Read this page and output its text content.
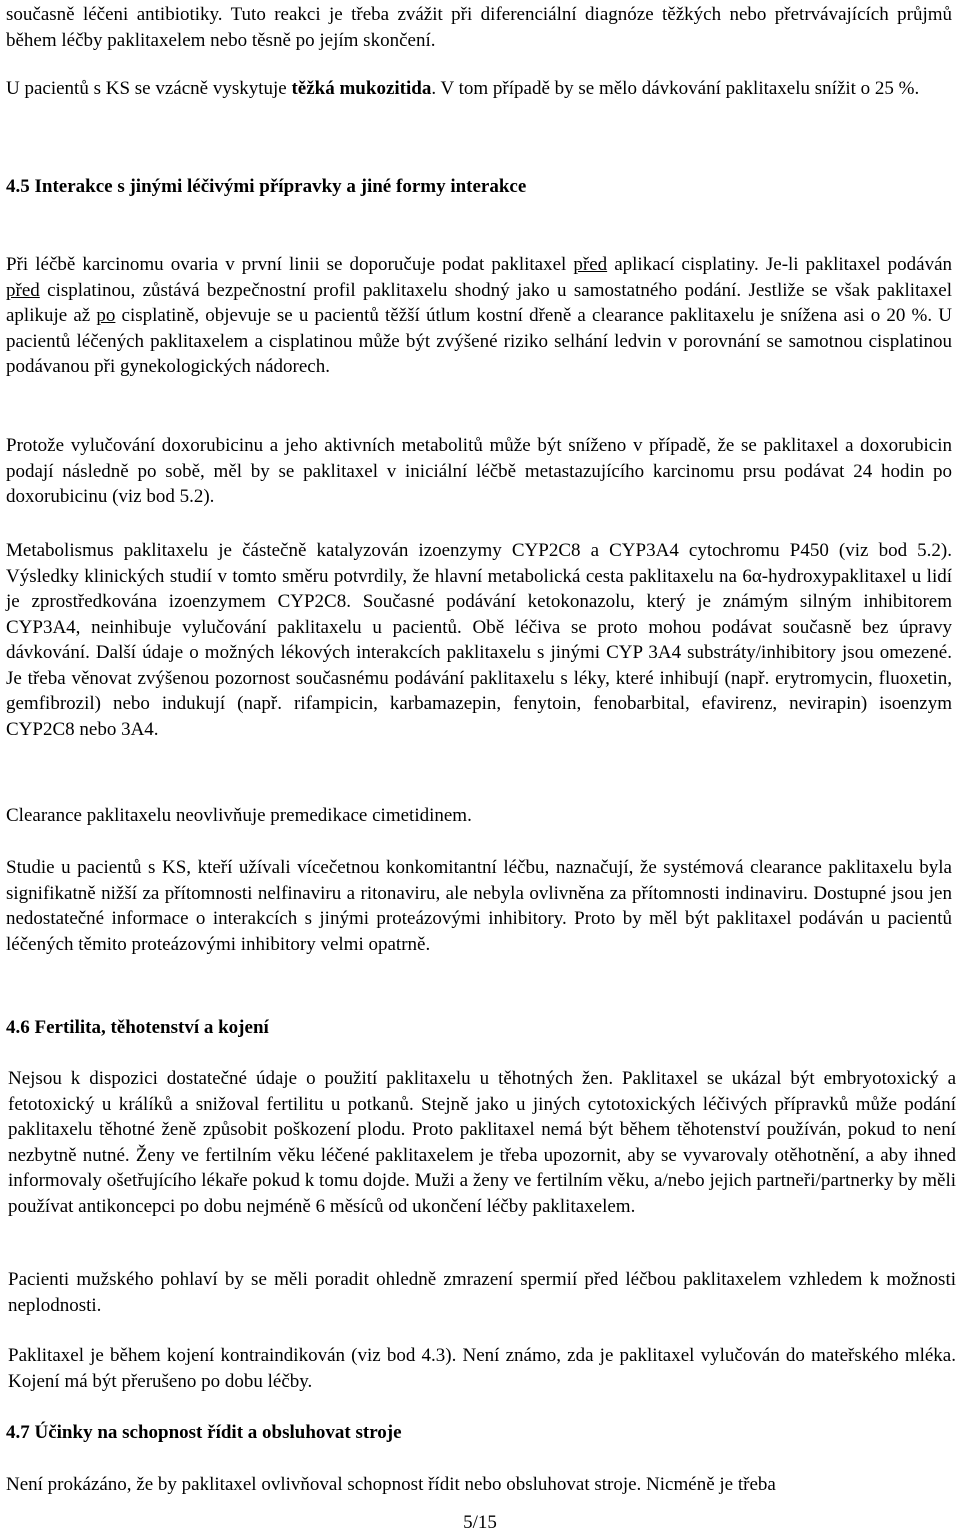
současně léčeni antibiotiky. Tuto reakci je třeba zvážit při diferenciální diagnóze těžkých nebo přetrvávajících průjmů během léčby paklitaxelem nebo těsně po jejím skončení.

U pacientů s KS se vzácně vyskytuje těžká mukozitida. V tom případě by se mělo dávkování paklitaxelu snížit o 25 %.

4.5 Interakce s jinými léčivými přípravky a jiné formy interakce

Při léčbě karcinomu ovaria v první linii se doporučuje podat paklitaxel před aplikací cisplatiny. Je-li paklitaxel podáván před cisplatinou, zůstává bezpečnostní profil paklitaxelu shodný jako u samostatného podání. Jestliže se však paklitaxel aplikuje až po cisplatině, objevuje se u pacientů těžší útlum kostní dřeně a clearance paklitaxelu je snížena asi o 20 %. U pacientů léčených paklitaxelem a cisplatinou může být zvýšené riziko selhání ledvin v porovnání se samotnou cisplatinou podávanou při gynekologických nádorech.

Protože vylučování doxorubicinu a jeho aktivních metabolitů může být sníženo v případě, že se paklitaxel a doxorubicin podají následně po sobě, měl by se paklitaxel v iniciální léčbě metastazujícího karcinomu prsu podávat 24 hodin po doxorubicinu (viz bod 5.2).

Metabolismus paklitaxelu je částečně katalyzován izoenzymy CYP2C8 a CYP3A4 cytochromu P450 (viz bod 5.2). Výsledky klinických studií v tomto směru potvrdily, že hlavní metabolická cesta paklitaxelu na 6α-hydroxypaklitaxel u lidí je zprostředkována izoenzymem CYP2C8. Současné podávání ketokonazolu, který je známým silným inhibitorem CYP3A4, neinhibuje vylučování paklitaxelu u pacientů. Obě léčiva se proto mohou podávat současně bez úpravy dávkování. Další údaje o možných lékových interakcích paklitaxelu s jinými CYP 3A4 substráty/inhibitory jsou omezené. Je třeba věnovat zvýšenou pozornost současnému podávání paklitaxelu s léky, které inhibují (např. erytromycin, fluoxetin, gemfibrozil) nebo indukují (např. rifampicin, karbamazepin, fenytoin, fenobarbital, efavirenz, nevirapin) isoenzym CYP2C8 nebo 3A4.

Clearance paklitaxelu neovlivňuje premedikace cimetidinem.

Studie u pacientů s KS, kteří užívali vícečetnou konkomitantní léčbu, naznačují, že systémová clearance paklitaxelu byla signifikatně nižší za přítomnosti nelfinaviru a ritonaviru, ale nebyla ovlivněna za přítomnosti indinaviru. Dostupné jsou jen nedostatečné informace o interakcích s jinými proteázovými inhibitory. Proto by měl být paklitaxel podáván u pacientů léčených těmito proteázovými inhibitory velmi opatrně.

4.6 Fertilita, těhotenství a kojení

Nejsou k dispozici dostatečné údaje o použití paklitaxelu u těhotných žen. Paklitaxel se ukázal být embryotoxický a fetotoxický u králíků a snižoval fertilitu u potkanů. Stejně jako u jiných cytotoxických léčivých přípravků může podání paklitaxelu těhotné ženě způsobit poškození plodu. Proto paklitaxel nemá být během těhotenství používán, pokud to není nezbytně nutné. Ženy ve fertilním věku léčené paklitaxelem je třeba upozornit, aby se vyvarovaly otěhotnění, a aby ihned informovaly ošetřujícího lékaře pokud k tomu dojde. Muži a ženy ve fertilním věku, a/nebo jejich partneři/partnerky by měli používat antikoncepci po dobu nejméně 6 měsíců od ukončení léčby paklitaxelem.

Pacienti mužského pohlaví by se měli poradit ohledně zmrazení spermií před léčbou paklitaxelem vzhledem k možnosti neplodnosti.

Paklitaxel je během kojení kontraindikován (viz bod 4.3). Není známo, zda je paklitaxel vylučován do mateřského mléka. Kojení má být přerušeno po dobu léčby.

4.7 Účinky na schopnost řídit a obsluhovat stroje

Není prokázáno, že by paklitaxel ovlivňoval schopnost řídit nebo obsluhovat stroje. Nicméně je třeba

5/15
